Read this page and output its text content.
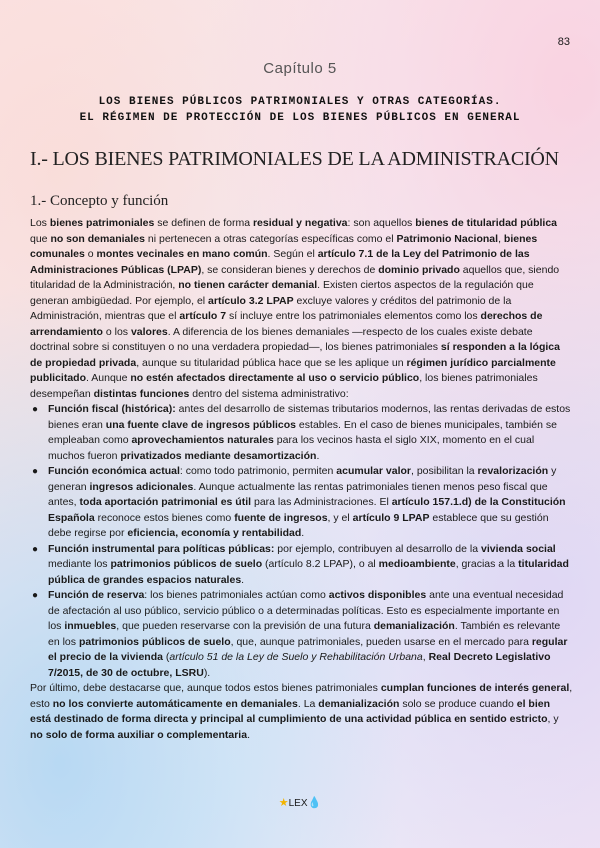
83
Capítulo 5
LOS BIENES PÚBLICOS PATRIMONIALES Y OTRAS CATEGORÍAS.
EL RÉGIMEN DE PROTECCIÓN DE LOS BIENES PÚBLICOS EN GENERAL
I.- LOS BIENES PATRIMONIALES DE LA ADMINISTRACIÓN
1.- Concepto y función

Los bienes patrimoniales se definen de forma residual y negativa: son aquellos bienes de titularidad pública que no son demaniales ni pertenecen a otras categorías específicas como el Patrimonio Nacional, bienes comunales o montes vecinales en mano común. Según el artículo 7.1 de la Ley del Patrimonio de las Administraciones Públicas (LPAP), se consideran bienes y derechos de dominio privado aquellos que, siendo titularidad de la Administración, no tienen carácter demanial. Existen ciertos aspectos de la regulación que generan ambigüedad. Por ejemplo, el artículo 3.2 LPAP excluye valores y créditos del patrimonio de la Administración, mientras que el artículo 7 sí incluye entre los patrimoniales elementos como los derechos de arrendamiento o los valores. A diferencia de los bienes demaniales —respecto de los cuales existe debate doctrinal sobre si constituyen o no una verdadera propiedad—, los bienes patrimoniales sí responden a la lógica de propiedad privada, aunque su titularidad pública hace que se les aplique un régimen jurídico parcialmente publicitado. Aunque no estén afectados directamente al uso o servicio público, los bienes patrimoniales desempeñan distintas funciones dentro del sistema administrativo:

● Función fiscal (histórica): antes del desarrollo de sistemas tributarios modernos, las rentas derivadas de estos bienes eran una fuente clave de ingresos públicos estables. En el caso de bienes municipales, también se empleaban como aprovechamientos naturales para los vecinos hasta el siglo XIX, momento en el cual muchos fueron privatizados mediante desamortización.
● Función económica actual: como todo patrimonio, permiten acumular valor, posibilitan la revalorización y generan ingresos adicionales. Aunque actualmente las rentas patrimoniales tienen menos peso fiscal que antes, toda aportación patrimonial es útil para las Administraciones. El artículo 157.1.d) de la Constitución Española reconoce estos bienes como fuente de ingresos, y el artículo 9 LPAP establece que su gestión debe regirse por eficiencia, economía y rentabilidad.
● Función instrumental para políticas públicas: por ejemplo, contribuyen al desarrollo de la vivienda social mediante los patrimonios públicos de suelo (artículo 8.2 LPAP), o al medioambiente, gracias a la titularidad pública de grandes espacios naturales.
● Función de reserva: los bienes patrimoniales actúan como activos disponibles ante una eventual necesidad de afectación al uso público, servicio público o a determinadas políticas. Esto es especialmente importante en los inmuebles, que pueden reservarse con la previsión de una futura demanialización. También es relevante en los patrimonios públicos de suelo, que, aunque patrimoniales, pueden usarse en el mercado para regular el precio de la vivienda (artículo 51 de la Ley de Suelo y Rehabilitación Urbana, Real Decreto Legislativo 7/2015, de 30 de octubre, LSRU).

Por último, debe destacarse que, aunque todos estos bienes patrimoniales cumplan funciones de interés general, esto no los convierte automáticamente en demaniales. La demanialización solo se produce cuando el bien está destinado de forma directa y principal al cumplimiento de una actividad pública en sentido estricto, y no solo de forma auxiliar o complementaria.

★LEX💧
